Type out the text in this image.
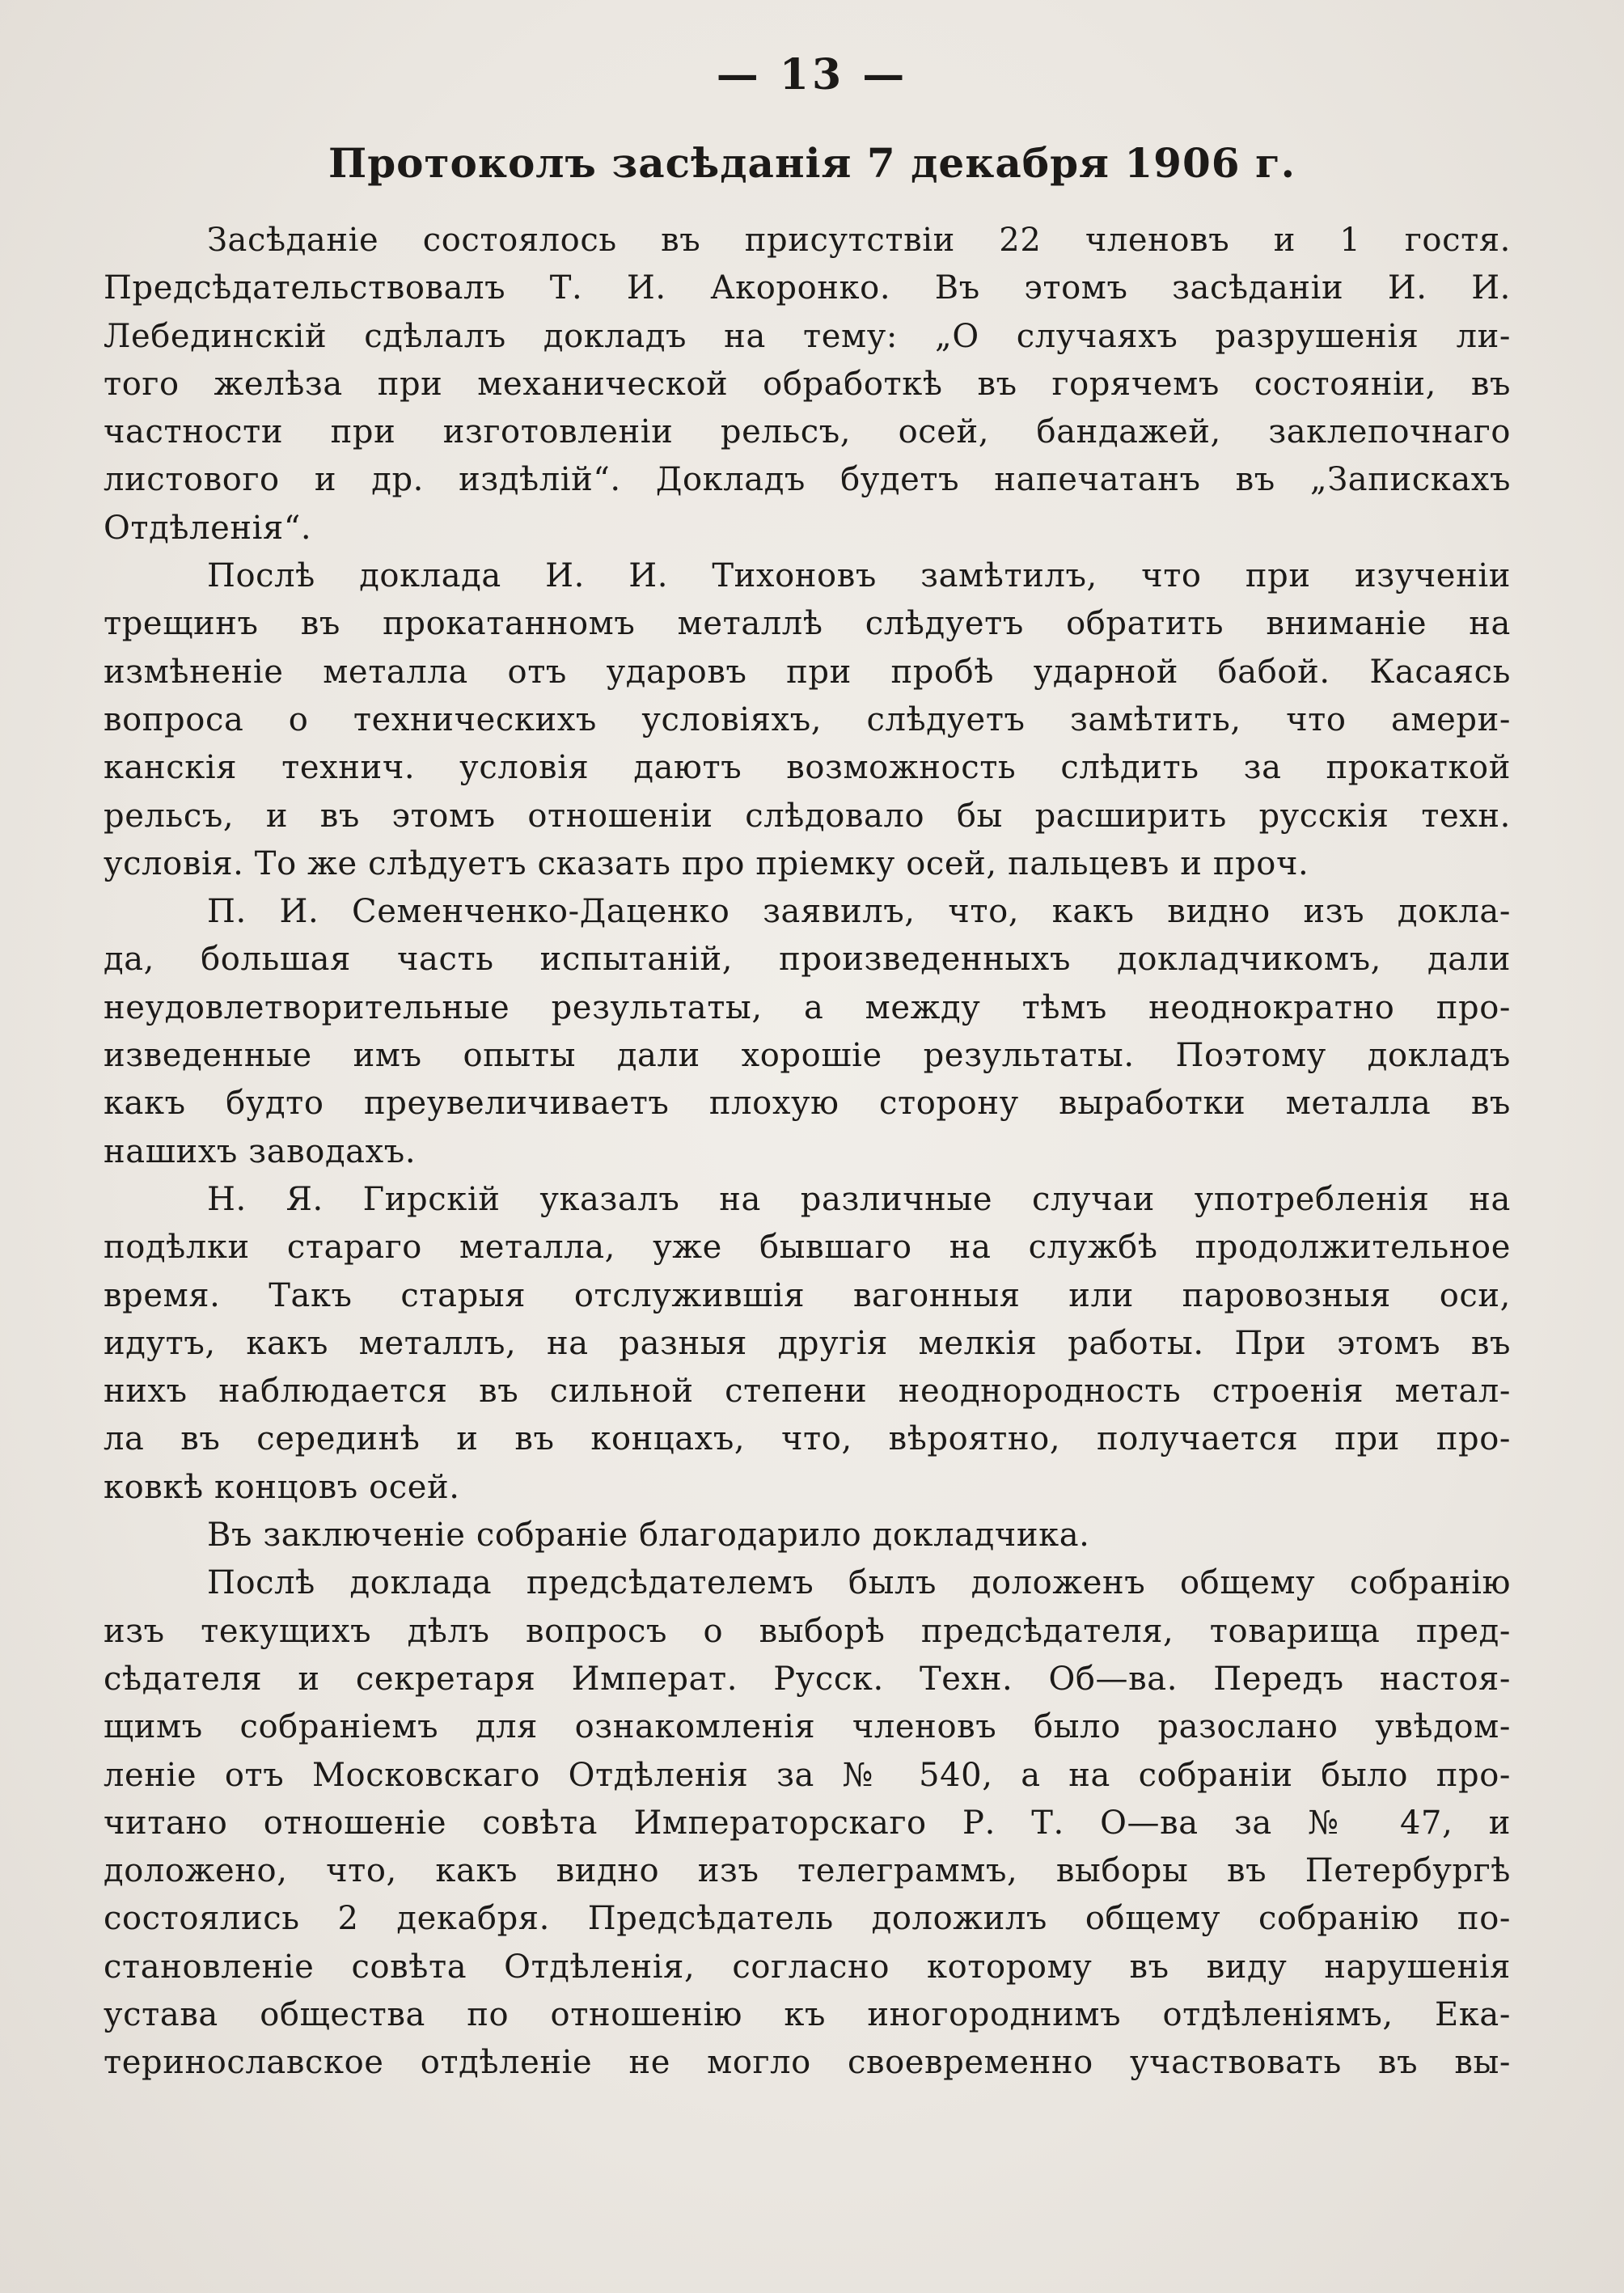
— 13 —
Протоколъ засѣданія 7 декабря 1906 г.
Засѣданіе состоялось въ присутствіи 22 членовъ и 1 гостя.
Предсѣдательствовалъ Т. И. Акоронко. Въ этомъ засѣданіи И. И.
Лебединскій сдѣлалъ докладъ на тему: „О случаяхъ разрушенія ли-
того желѣза при механической обработкѣ въ горячемъ состояніи, въ
частности при изготовленіи рельсъ, осей, бандажей, заклепочнаго
листового и др. издѣлій“. Докладъ будетъ напечатанъ въ „Запискахъ
Отдѣленія“.
Послѣ доклада И. И. Тихоновъ замѣтилъ, что при изученіи
трещинъ въ прокатанномъ металлѣ слѣдуетъ обратить вниманіе на
измѣненіе металла отъ ударовъ при пробѣ ударной бабой. Касаясь
вопроса о техническихъ условіяхъ, слѣдуетъ замѣтить, что амери-
канскія технич. условія даютъ возможность слѣдить за прокаткой
рельсъ, и въ этомъ отношеніи слѣдовало бы расширить русскія техн.
условія. То же слѣдуетъ сказать про пріемку осей, пальцевъ и проч.
П. И. Семенченко-Даценко заявилъ, что, какъ видно изъ докла-
да, большая часть испытаній, произведенныхъ докладчикомъ, дали
неудовлетворительные результаты, а между тѣмъ неоднократно про-
изведенные имъ опыты дали хорошіе результаты. Поэтому докладъ
какъ будто преувеличиваетъ плохую сторону выработки металла въ
нашихъ заводахъ.
Н. Я. Гирскій указалъ на различные случаи употребленія на
подѣлки стараго металла, уже бывшаго на службѣ продолжительное
время. Такъ старыя отслужившія вагонныя или паровозныя оси,
идутъ, какъ металлъ, на разныя другія мелкія работы. При этомъ въ
нихъ наблюдается въ сильной степени неоднородность строенія метал-
ла въ серединѣ и въ концахъ, что, вѣроятно, получается при про-
ковкѣ концовъ осей.
Въ заключеніе собраніе благодарило докладчика.
Послѣ доклада предсѣдателемъ былъ доложенъ общему собранію
изъ текущихъ дѣлъ вопросъ о выборѣ предсѣдателя, товарища пред-
сѣдателя и секретаря Императ. Русск. Техн. Об—ва. Передъ настоя-
щимъ собраніемъ для ознакомленія членовъ было разослано увѣдом-
леніе отъ Московскаго Отдѣленія за № 540, а на собраніи было про-
читано отношеніе совѣта Императорскаго Р. Т. О—ва за № 47, и
доложено, что, какъ видно изъ телеграммъ, выборы въ Петербургѣ
состоялись 2 декабря. Предсѣдатель доложилъ общему собранію по-
становленіе совѣта Отдѣленія, согласно которому въ виду нарушенія
устава общества по отношенію къ иногороднимъ отдѣленіямъ, Ека-
теринославское отдѣленіе не могло своевременно участвовать въ вы-
